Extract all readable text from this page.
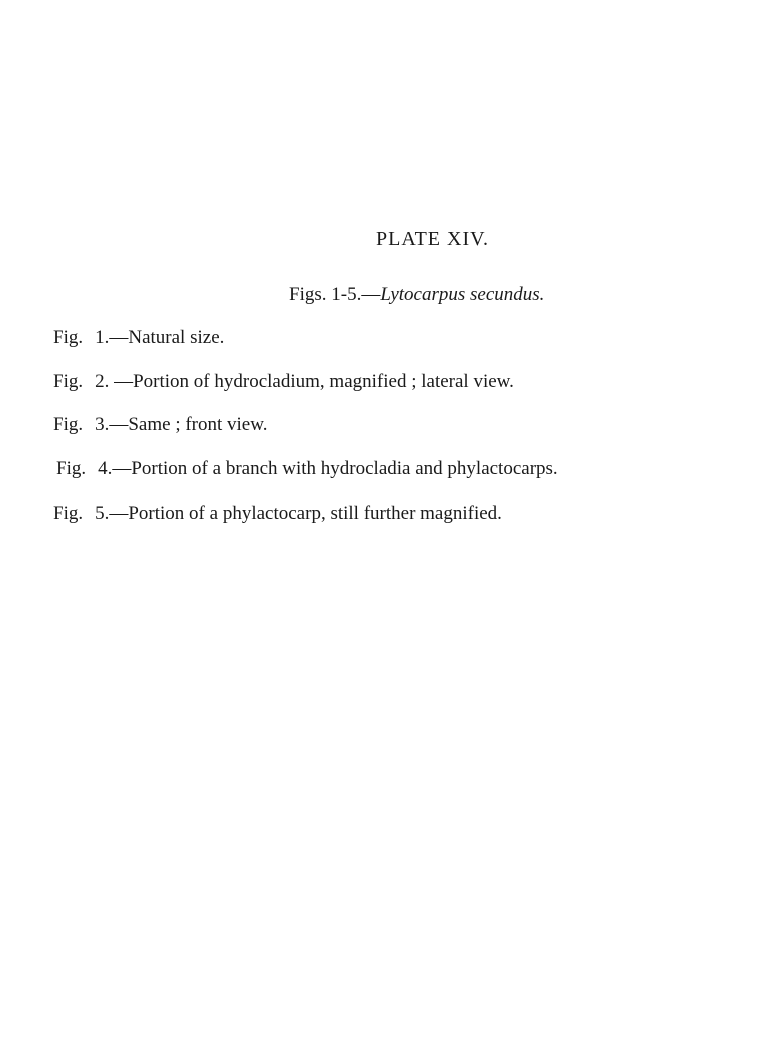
PLATE XIV.
Figs. 1-5.—Lytocarpus secundus.
Fig. 1.—Natural size.
Fig. 2. —Portion of hydrocladium, magnified ; lateral view.
Fig. 3.—Same ; front view.
Fig. 4.—Portion of a branch with hydrocladia and phylactocarps.
Fig. 5.—Portion of a phylactocarp, still further magnified.
